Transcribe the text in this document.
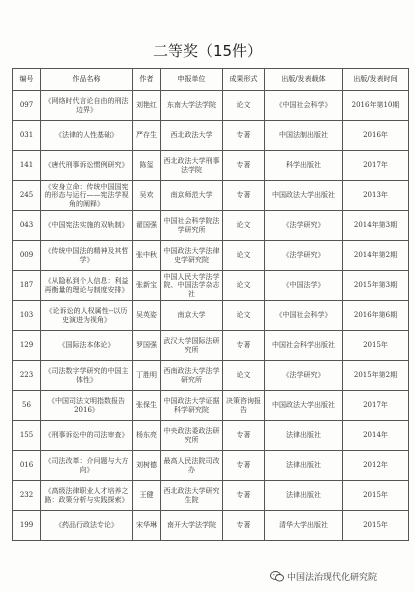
二等奖（15件）
编号	作品名称	作者	申报单位	成果形式	出版/发表载体	出版/发表时间
097	《网络时代言论自由的刑法边界》	刘艳红	东南大学法学院	论文	《中国社会科学》	2016年第10期
031	《法律的人性基础》	严存生	西北政法大学	专著	中国法制出版社	2016年
141	《唐代刑事诉讼惯例研究》	陈玺	西北政法大学刑事法学院	专著	科学出版社	2017年
245	《安身立命：传统中国国宪的形态与运行——宪法学视角的阐释》	吴欢	南京师范大学	专著	中国政法大学出版社	2013年
043	《中国宪法实施的双轨制》	翟国强	中国社会科学院法学研究所	论文	《法学研究》	2014年第3期
009	《传统中国法的精神及其哲学》	张中秋	中国政法大学法律史学研究院	论文	《法学研究》	2014年第2期
187	《从隐私到个人信息：利益再衡量的理论与制度安排》	张新宝	中国人民大学法学院、中国法学杂志社	论文	《中国法学》	2015年第3期
103	《论诉讼的人权属性--以历史演进为视角》	吴英姿	南京大学	论文	《中国社会科学》	2016年第6期
129	《国际法本体论》	罗国强	武汉大学国际法研究所	专著	中国社会科学出版社	2015年
223	《司法数字学研究的中国主体性》	丁胜明	西南政法大学法学研究所	论文	《法学研究》	2015年第2期
56	《中国司法文明指数报告2016》	张保生	中国政法大学证据科学研究院	决策咨询报告	中国政法大学出版社	2017年
155	《刑事诉讼中的司法审查》	杨东亮	中央政法委政法研究所	专著	法律出版社	2014年
016	《司法改革：介问题与大方向》	刘树德	最高人民法院司改办	专著	法律出版社	2012年
232	《高级法律职业人才培养之路：政策分析与实践探索》	王健	西北政法大学研究生院	专著	法律出版社	2015年
199	《药品行政法专论》	宋华琳	南开大学法学院	专著	清华大学出版社	2015年
中国法治现代化研究院
